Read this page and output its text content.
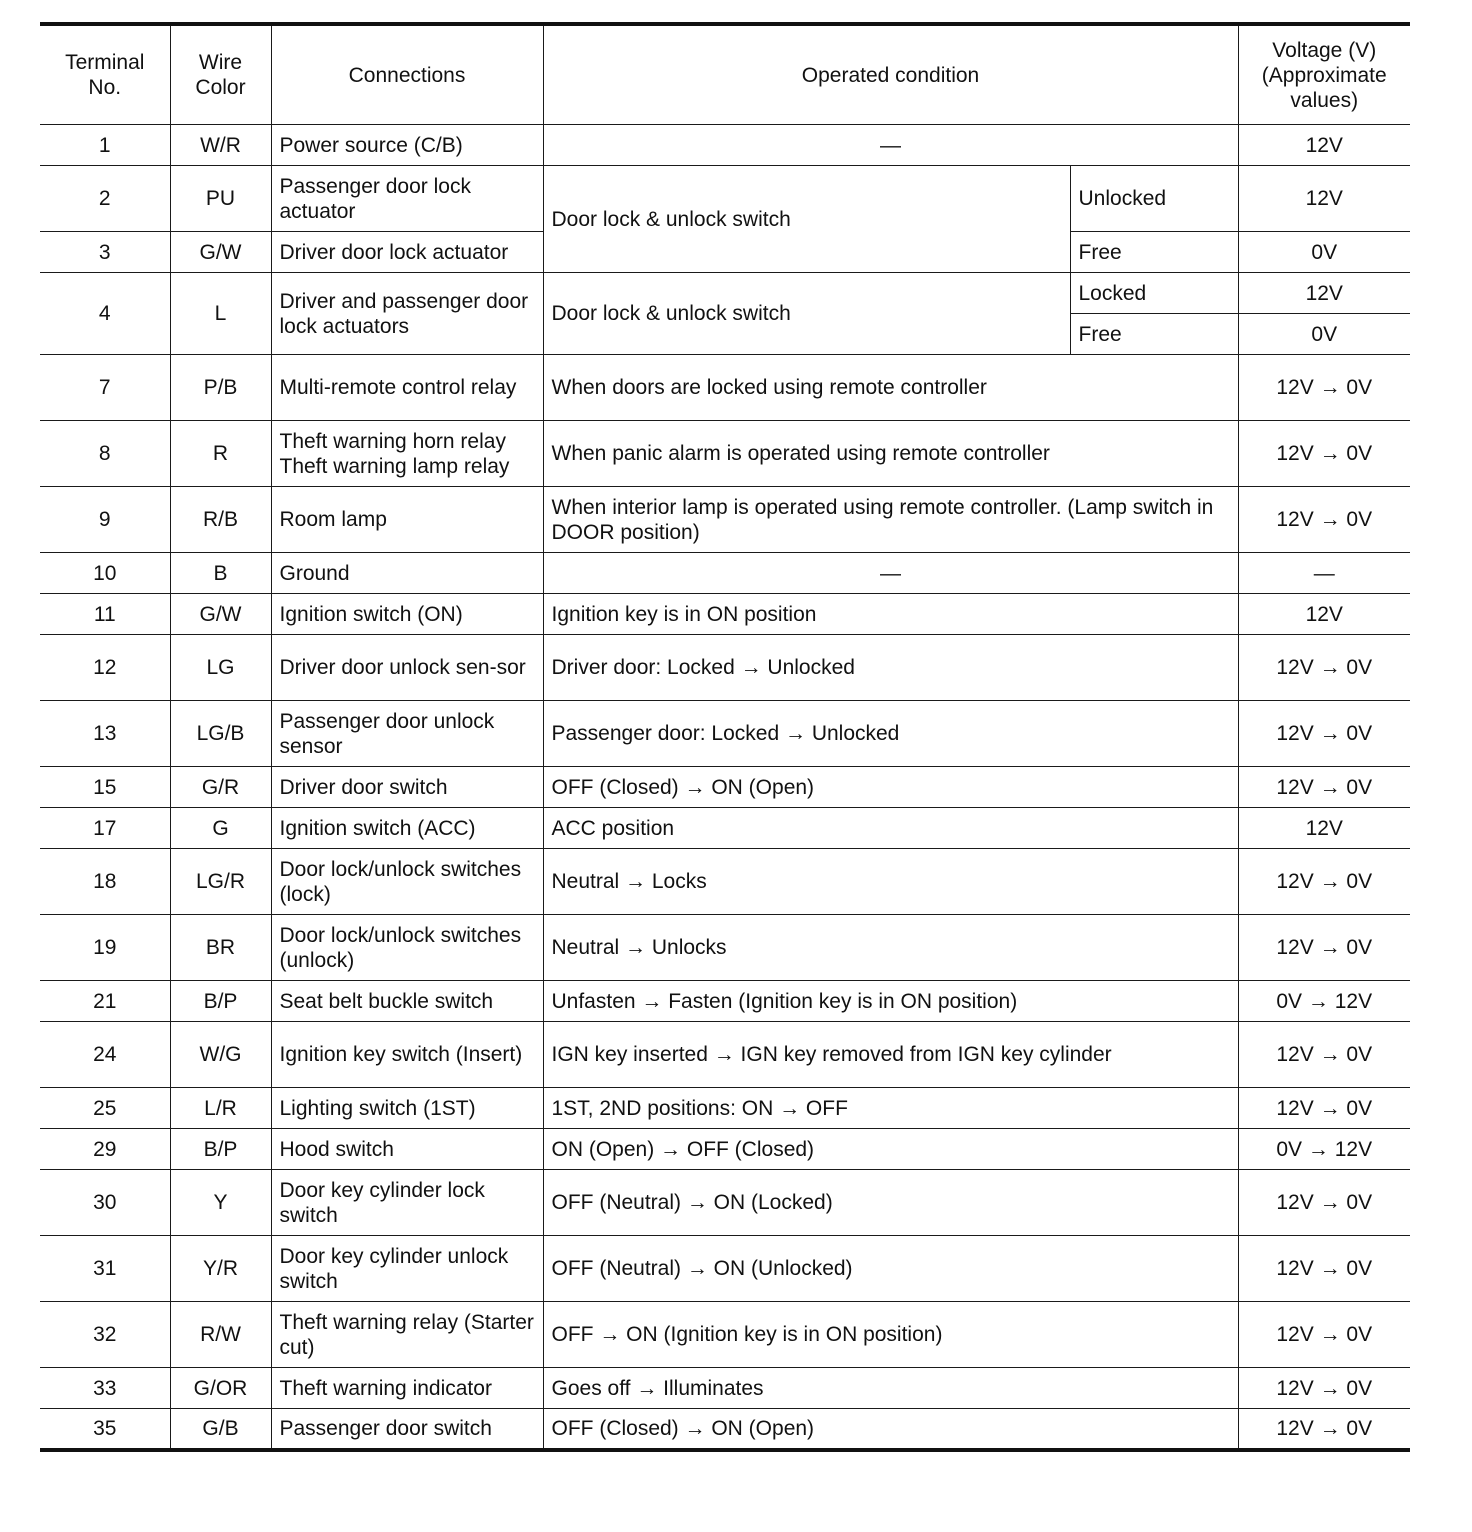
Terminal No.	Wire Color	Connections	Operated condition		Voltage (V) (Approximate values)
1	W/R	Power source (C/B)	—		12V
2	PU	Passenger door lock actuator	Door lock & unlock switch	Unlocked	12V
3	G/W	Driver door lock actuator		Free	0V
4	L	Driver and passenger door lock actuators	Door lock & unlock switch	Locked	12V
				Free	0V
7	P/B	Multi-remote control relay	When doors are locked using remote controller		12V → 0V
8	R	Theft warning horn relay Theft warning lamp relay	When panic alarm is operated using remote controller		12V → 0V
9	R/B	Room lamp	When interior lamp is operated using remote controller. (Lamp switch in DOOR position)		12V → 0V
10	B	Ground	—		—
11	G/W	Ignition switch (ON)	Ignition key is in ON position		12V
12	LG	Driver door unlock sen-sor	Driver door: Locked → Unlocked		12V → 0V
13	LG/B	Passenger door unlock sensor	Passenger door: Locked → Unlocked		12V → 0V
15	G/R	Driver door switch	OFF (Closed) → ON (Open)		12V → 0V
17	G	Ignition switch (ACC)	ACC position		12V
18	LG/R	Door lock/unlock switches (lock)	Neutral → Locks		12V → 0V
19	BR	Door lock/unlock switches (unlock)	Neutral → Unlocks		12V → 0V
21	B/P	Seat belt buckle switch	Unfasten → Fasten (Ignition key is in ON position)		0V → 12V
24	W/G	Ignition key switch (Insert)	IGN key inserted → IGN key removed from IGN key cylinder		12V → 0V
25	L/R	Lighting switch (1ST)	1ST, 2ND positions: ON → OFF		12V → 0V
29	B/P	Hood switch	ON (Open) → OFF (Closed)		0V → 12V
30	Y	Door key cylinder lock switch	OFF (Neutral) → ON (Locked)		12V → 0V
31	Y/R	Door key cylinder unlock switch	OFF (Neutral) → ON (Unlocked)		12V → 0V
32	R/W	Theft warning relay (Starter cut)	OFF → ON (Ignition key is in ON position)		12V → 0V
33	G/OR	Theft warning indicator	Goes off → Illuminates		12V → 0V
35	G/B	Passenger door switch	OFF (Closed) → ON (Open)		12V → 0V
